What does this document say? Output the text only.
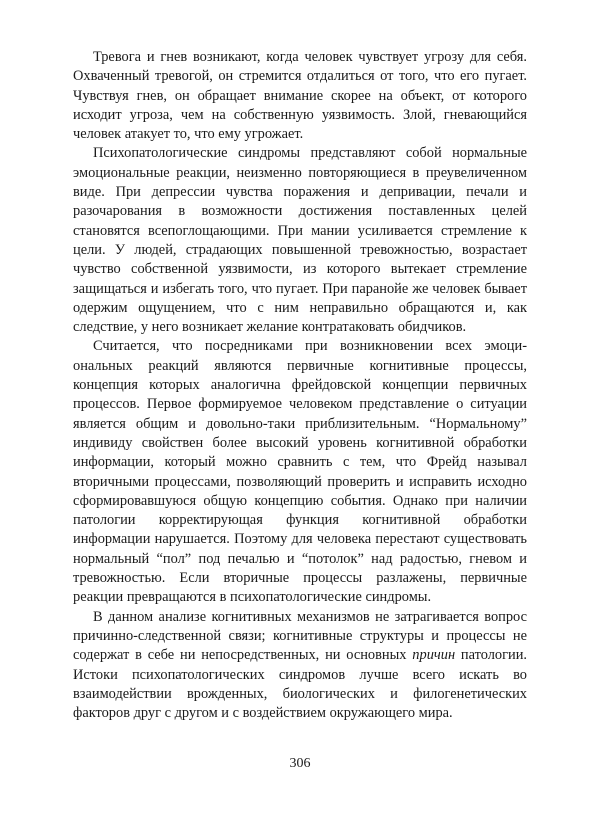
Тревога и гнев возникают, когда человек чувствует угрозу для себя. Охваченный тревогой, он стремится отдалиться от того, что его пугает. Чувствуя гнев, он обращает внимание скорее на объект, от которого исходит угроза, чем на собственную уязвимость. Злой, гневающийся человек атакует то, что ему угрожает.

Психопатологические синдромы представляют собой нормальные эмоциональные реакции, неизменно повторяющиеся в преувеличенном виде. При депрессии чувства поражения и депривации, печали и разочарования в возможности достижения поставленных целей становятся всепоглощающими. При мании усиливается стремление к цели. У людей, страдающих повышенной тревожностью, возрастает чувство собственной уязвимости, из которого вытекает стремление защищаться и избегать того, что пугает. При паранойе же человек бывает одержим ощущением, что с ним неправильно обращаются и, как следствие, у него возникает желание контратаковать обидчиков.

Считается, что посредниками при возникновении всех эмоциональных реакций являются первичные когнитивные процессы, концепция которых аналогична фрейдовской концепции первичных процессов. Первое формируемое человеком представление о ситуации является общим и довольно-таки приблизительным. “Нормальному” индивиду свойствен более высокий уровень когнитивной обработки информации, который можно сравнить с тем, что Фрейд называл вторичными процессами, позволяющий проверить и исправить исходно сформировавшуюся общую концепцию события. Однако при наличии патологии корректирующая функция когнитивной обработки информации нарушается. Поэтому для человека перестают существовать нормальный “пол” под печалью и “потолок” над радостью, гневом и тревожностью. Если вторичные процессы разлажены, первичные реакции превращаются в психопатологические синдромы.

В данном анализе когнитивных механизмов не затрагивается вопрос причинно-следственной связи; когнитивные структуры и процессы не содержат в себе ни непосредственных, ни основных причин патологии. Истоки психопатологических синдромов лучше всего искать во взаимодействии врожденных, биологических и филогенетических факторов друг с другом и с воздействием окружающего мира.

306
